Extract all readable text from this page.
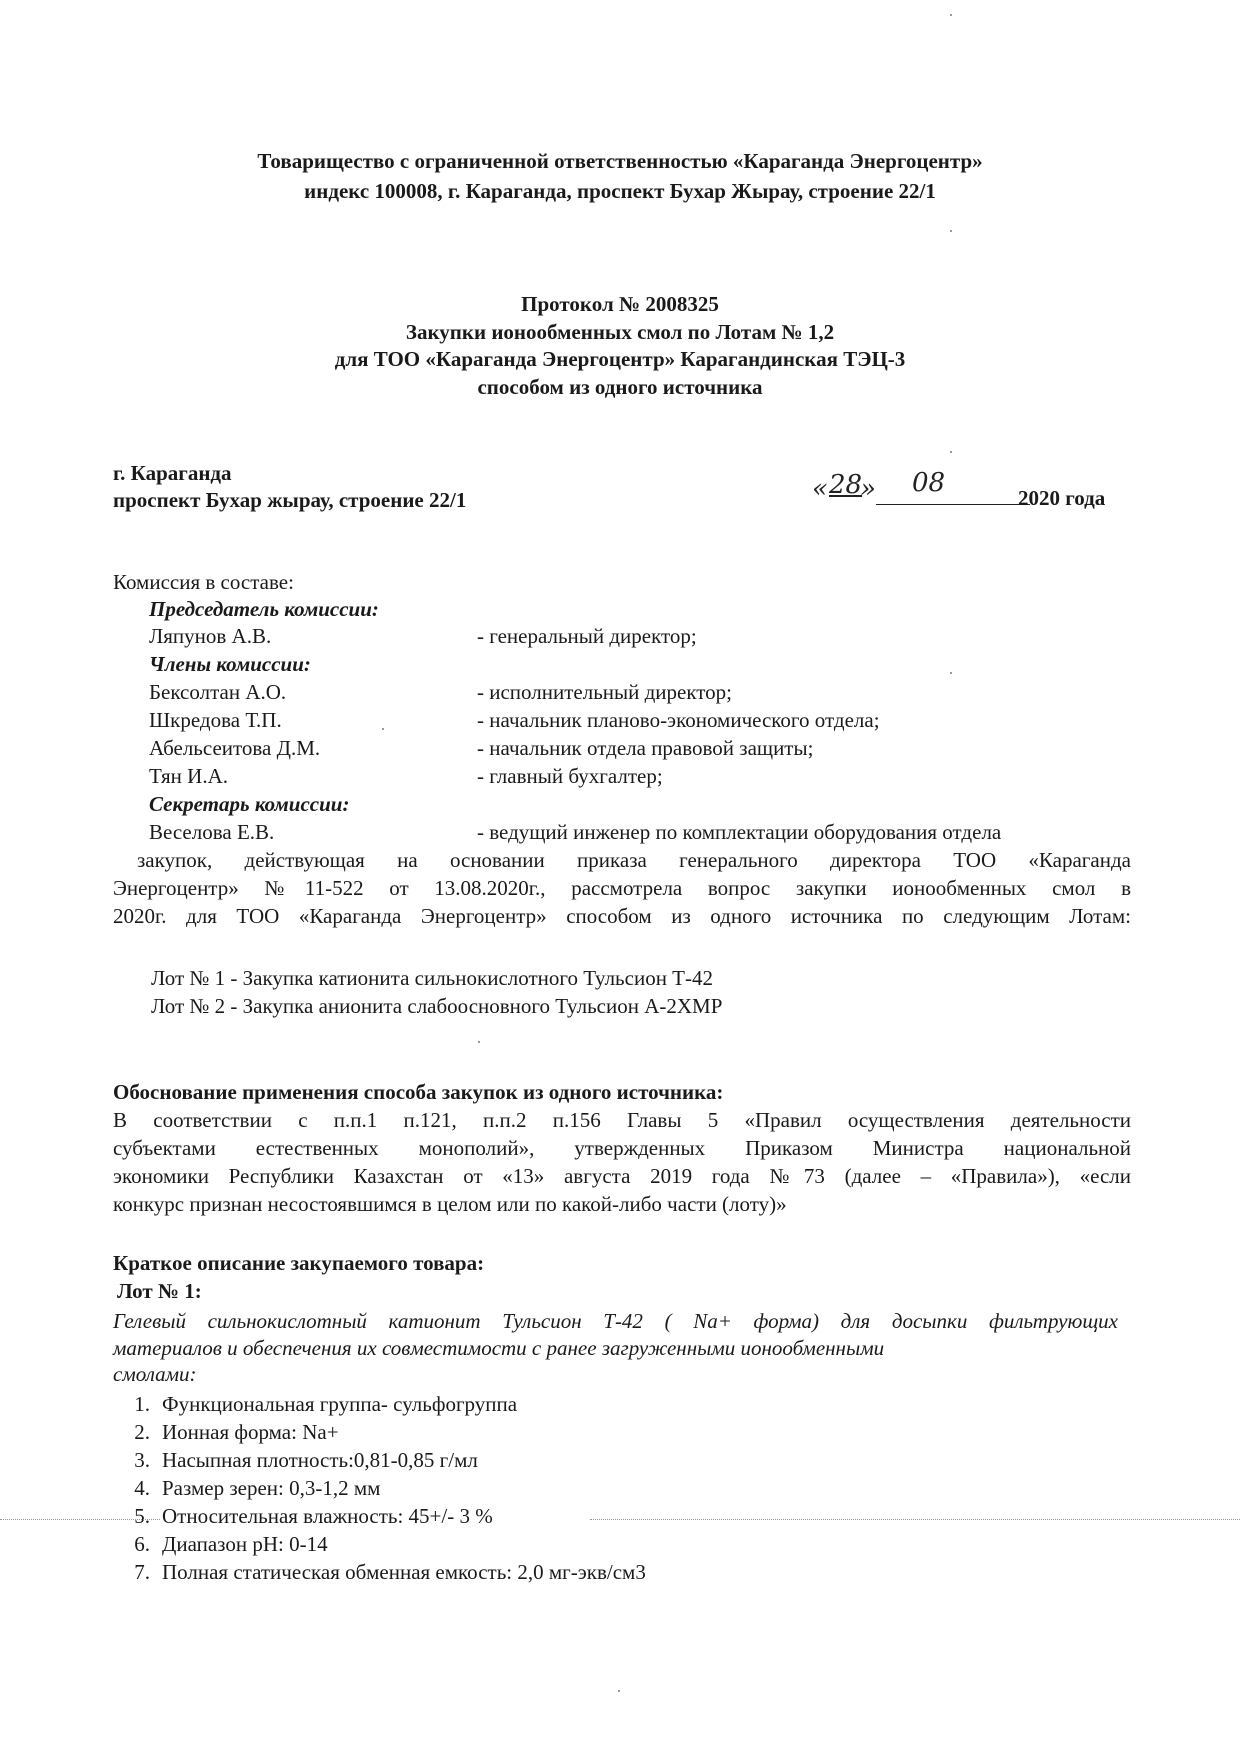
Товарищество с ограниченной ответственностью «Караганда Энергоцентр»
индекс 100008, г. Караганда, проспект Бухар Жырау, строение 22/1
Протокол № 2008325
Закупки ионообменных смол по Лотам № 1,2
для ТОО «Караганда Энергоцентр» Карагандинская ТЭЦ-3
способом из одного источника
г. Караганда
проспект Бухар жырау, строение 22/1	« 28
» 08	2020 года
Комиссия в составе:
Председатель комиссии:
Ляпунов А.В.	- генеральный директор;
Члены комиссии:
Бексолтан А.О.	- исполнительный директор;
Шкредова Т.П.	- начальник планово-экономического отдела;
Абельсеитова Д.М.	- начальник отдела правовой защиты;
Тян И.А.	- главный бухгалтер;
Секретарь комиссии:
Веселова Е.В.	- ведущий инженер по комплектации оборудования отдела
закупок, действующая на основании приказа генерального директора ТОО «Караганда
Энергоцентр» №11-522 от 13.08.2020г., рассмотрела вопрос закупки ионообменных смол в
2020г. для ТОО «Караганда Энергоцентр» способом из одного источника по следующим Лотам:
Лот № 1 - Закупка катионита сильнокислотного Тульсион Т-42
Лот № 2 - Закупка анионита слабоосновного Тульсион А-2ХМР
Обоснование применения способа закупок из одного источника:
В соответствии с п.п.1 п.121, п.п.2 п.156 Главы 5 «Правил осуществления деятельности
субъектами естественных монополий», утвержденных Приказом Министра национальной
экономики Республики Казахстан от «13» августа 2019 года №73 (далее – «Правила»), «если
конкурс признан несостоявшимся в целом или по какой-либо части (лоту)»
Краткое описание закупаемого товара:
Лот № 1:
Гелевый сильнокислотный катионит Тульсион Т-42 ( Na+ форма) для досыпки фильтрующих
материалов и обеспечения их совместимости с ранее загруженными ионообменными
смолами:
1. Функциональная группа- сульфогруппа
2. Ионная форма: Na+
3. Насыпная плотность:0,81-0,85 г/мл
4. Размер зерен: 0,3-1,2 мм
5. Относительная влажность: 45+/- 3 %
6. Диапазон pH: 0-14
7. Полная статическая обменная емкость: 2,0 мг-экв/см3
